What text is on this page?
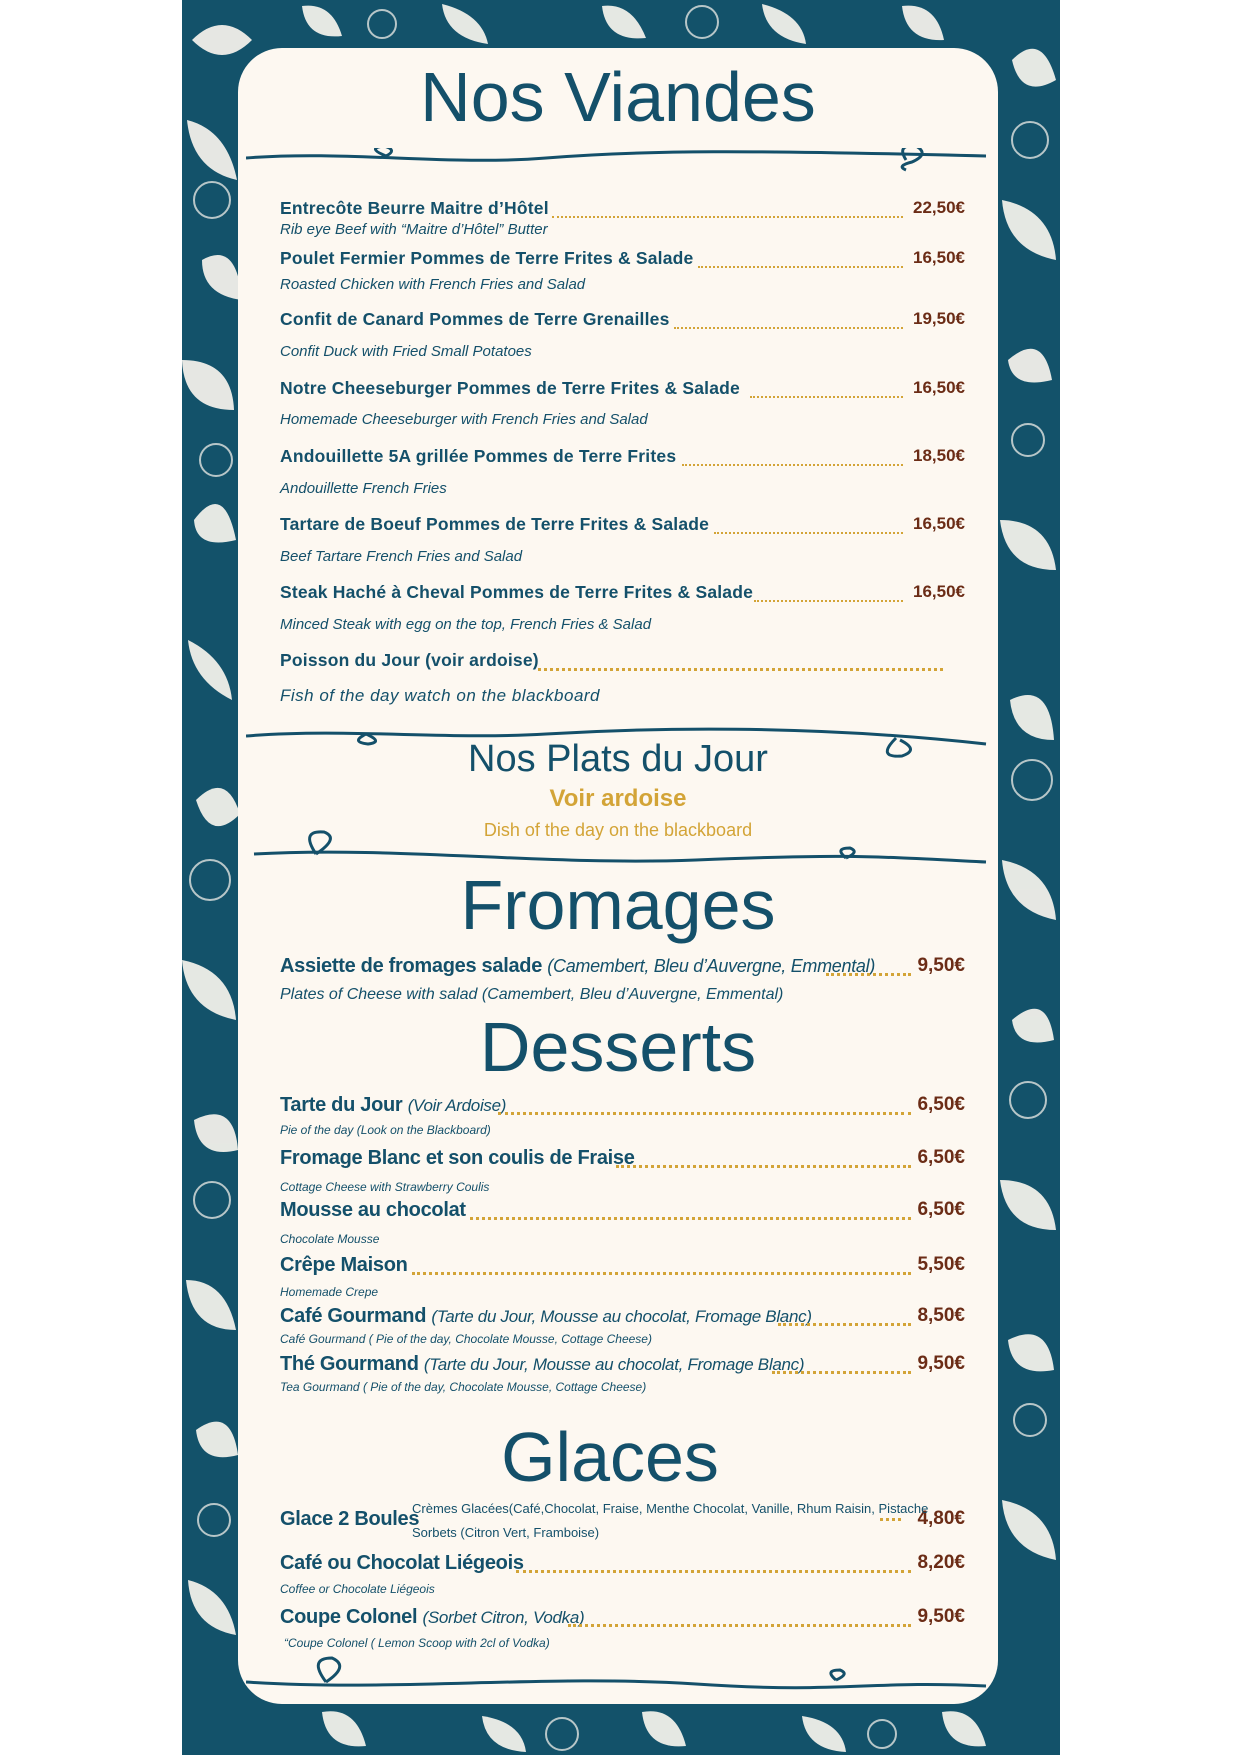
Nos Viandes
Entrecôte Beurre Maitre d’Hôtel	22,50€
Rib eye Beef with “Maitre d’Hôtel” Butter
Poulet Fermier Pommes de Terre Frites & Salade	16,50€
Roasted Chicken with French Fries and Salad
Confit de Canard Pommes de Terre Grenailles	19,50€
Confit Duck with Fried Small Potatoes
Notre Cheeseburger Pommes de Terre Frites & Salade	16,50€
Homemade Cheeseburger with French Fries and Salad
Andouillette 5A grillée Pommes de Terre Frites	18,50€
Andouillette French Fries
Tartare de Boeuf Pommes de Terre Frites & Salade	16,50€
Beef Tartare French Fries and Salad
Steak Haché à Cheval Pommes de Terre Frites & Salade	16,50€
Minced Steak with egg on the top, French Fries & Salad
Poisson du Jour (voir ardoise)
Fish of the day watch on the blackboard
Nos Plats du Jour
Voir ardoise
Dish of the day on the blackboard
Fromages
Assiette de fromages salade (Camembert, Bleu d’Auvergne, Emmental) 9,50€
Plates of Cheese with salad (Camembert, Bleu d’Auvergne, Emmental)
Desserts
Tarte du Jour (Voir Ardoise)	6,50€
Pie of the day (Look on the Blackboard)
Fromage Blanc et son coulis de Fraise	6,50€
Cottage Cheese with Strawberry Coulis
Mousse au chocolat	6,50€
Chocolate Mousse
Crêpe Maison	5,50€
Homemade Crepe
Café Gourmand (Tarte du Jour, Mousse au chocolat, Fromage Blanc)	8,50€
Café Gourmand ( Pie of the day, Chocolate Mousse, Cottage Cheese)
Thé Gourmand (Tarte du Jour, Mousse au chocolat, Fromage Blanc)	9,50€
Tea Gourmand ( Pie of the day, Chocolate Mousse, Cottage Cheese)
Glaces
Glace 2 Boules	4,80€
Crèmes Glacées(Café,Chocolat, Fraise, Menthe Chocolat, Vanille, Rhum Raisin, Pistache
Sorbets (Citron Vert, Framboise)
Café ou Chocolat Liégeois	8,20€
Coffee or Chocolate Liégeois
Coupe Colonel (Sorbet Citron, Vodka)	9,50€
“Coupe Colonel ( Lemon Scoop with 2cl of Vodka)
